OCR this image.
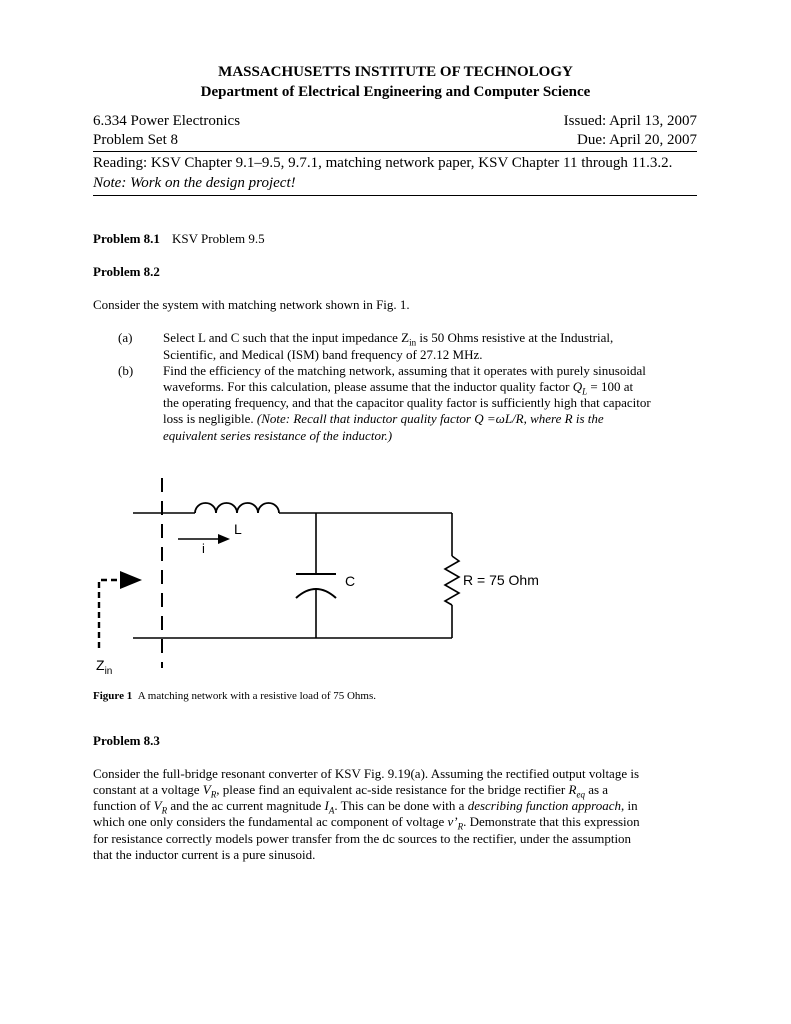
MASSACHUSETTS INSTITUTE OF TECHNOLOGY
Department of Electrical Engineering and Computer Science
6.334 Power Electronics	Issued: April 13, 2007
Problem Set 8	Due: April 20, 2007
Reading: KSV Chapter 9.1–9.5, 9.7.1, matching network paper, KSV Chapter 11 through 11.3.2.
Note: Work on the design project!
Problem 8.1 KSV Problem 9.5
Problem 8.2
Consider the system with matching network shown in Fig. 1.
(a) Select L and C such that the input impedance $Z_{in}$ is 50 Ohms resistive at the Industrial,
Scientific, and Medical (ISM) band frequency of 27.12 MHz.
(b) Find the efficiency of the matching network, assuming that it operates with purely sinusoidal
waveforms. For this calculation, please assume that the inductor quality factor $Q_L = 100$ at
the operating frequency, and that the capacitor quality factor is sufficiently high that capacitor
loss is negligible. (Note: Recall that inductor quality factor Q =ωL/R, where R is the
equivalent series resistance of the inductor.)
L
i
C	R = 75 Ohm
$Z_{in}$
Figure 1 A matching network with a resistive load of 75 Ohms.
Problem 8.3
Consider the full-bridge resonant converter of KSV Fig. 9.19(a). Assuming the rectified output voltage is
constant at a voltage $V_R$, please find an equivalent ac-side resistance for the bridge rectifier $R_{eq}$ as a
function of $V_R$ and the ac current magnitude $I_A$. This can be done with a describing function approach, in
which one only considers the fundamental ac component of voltage $v’_R$. Demonstrate that this expression
for resistance correctly models power transfer from the dc sources to the rectifier, under the assumption
that the inductor current is a pure sinusoid.
